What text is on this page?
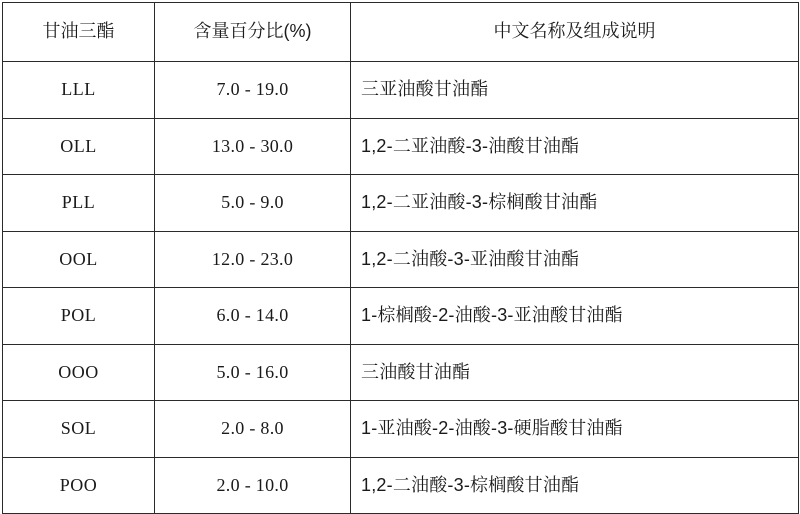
甘油三酯	含量百分比(%)	中文名称及组成说明
LLL	7.0 - 19.0	三亚油酸甘油酯
OLL	13.0 - 30.0	1,2-二亚油酸-3-油酸甘油酯
PLL	5.0 - 9.0	1,2-二亚油酸-3-棕榈酸甘油酯
OOL	12.0 - 23.0	1,2-二油酸-3-亚油酸甘油酯
POL	6.0 - 14.0	1-棕榈酸-2-油酸-3-亚油酸甘油酯
OOO	5.0 - 16.0	三油酸甘油酯
SOL	2.0 - 8.0	1-亚油酸-2-油酸-3-硬脂酸甘油酯
POO	2.0 - 10.0	1,2-二油酸-3-棕榈酸甘油酯
